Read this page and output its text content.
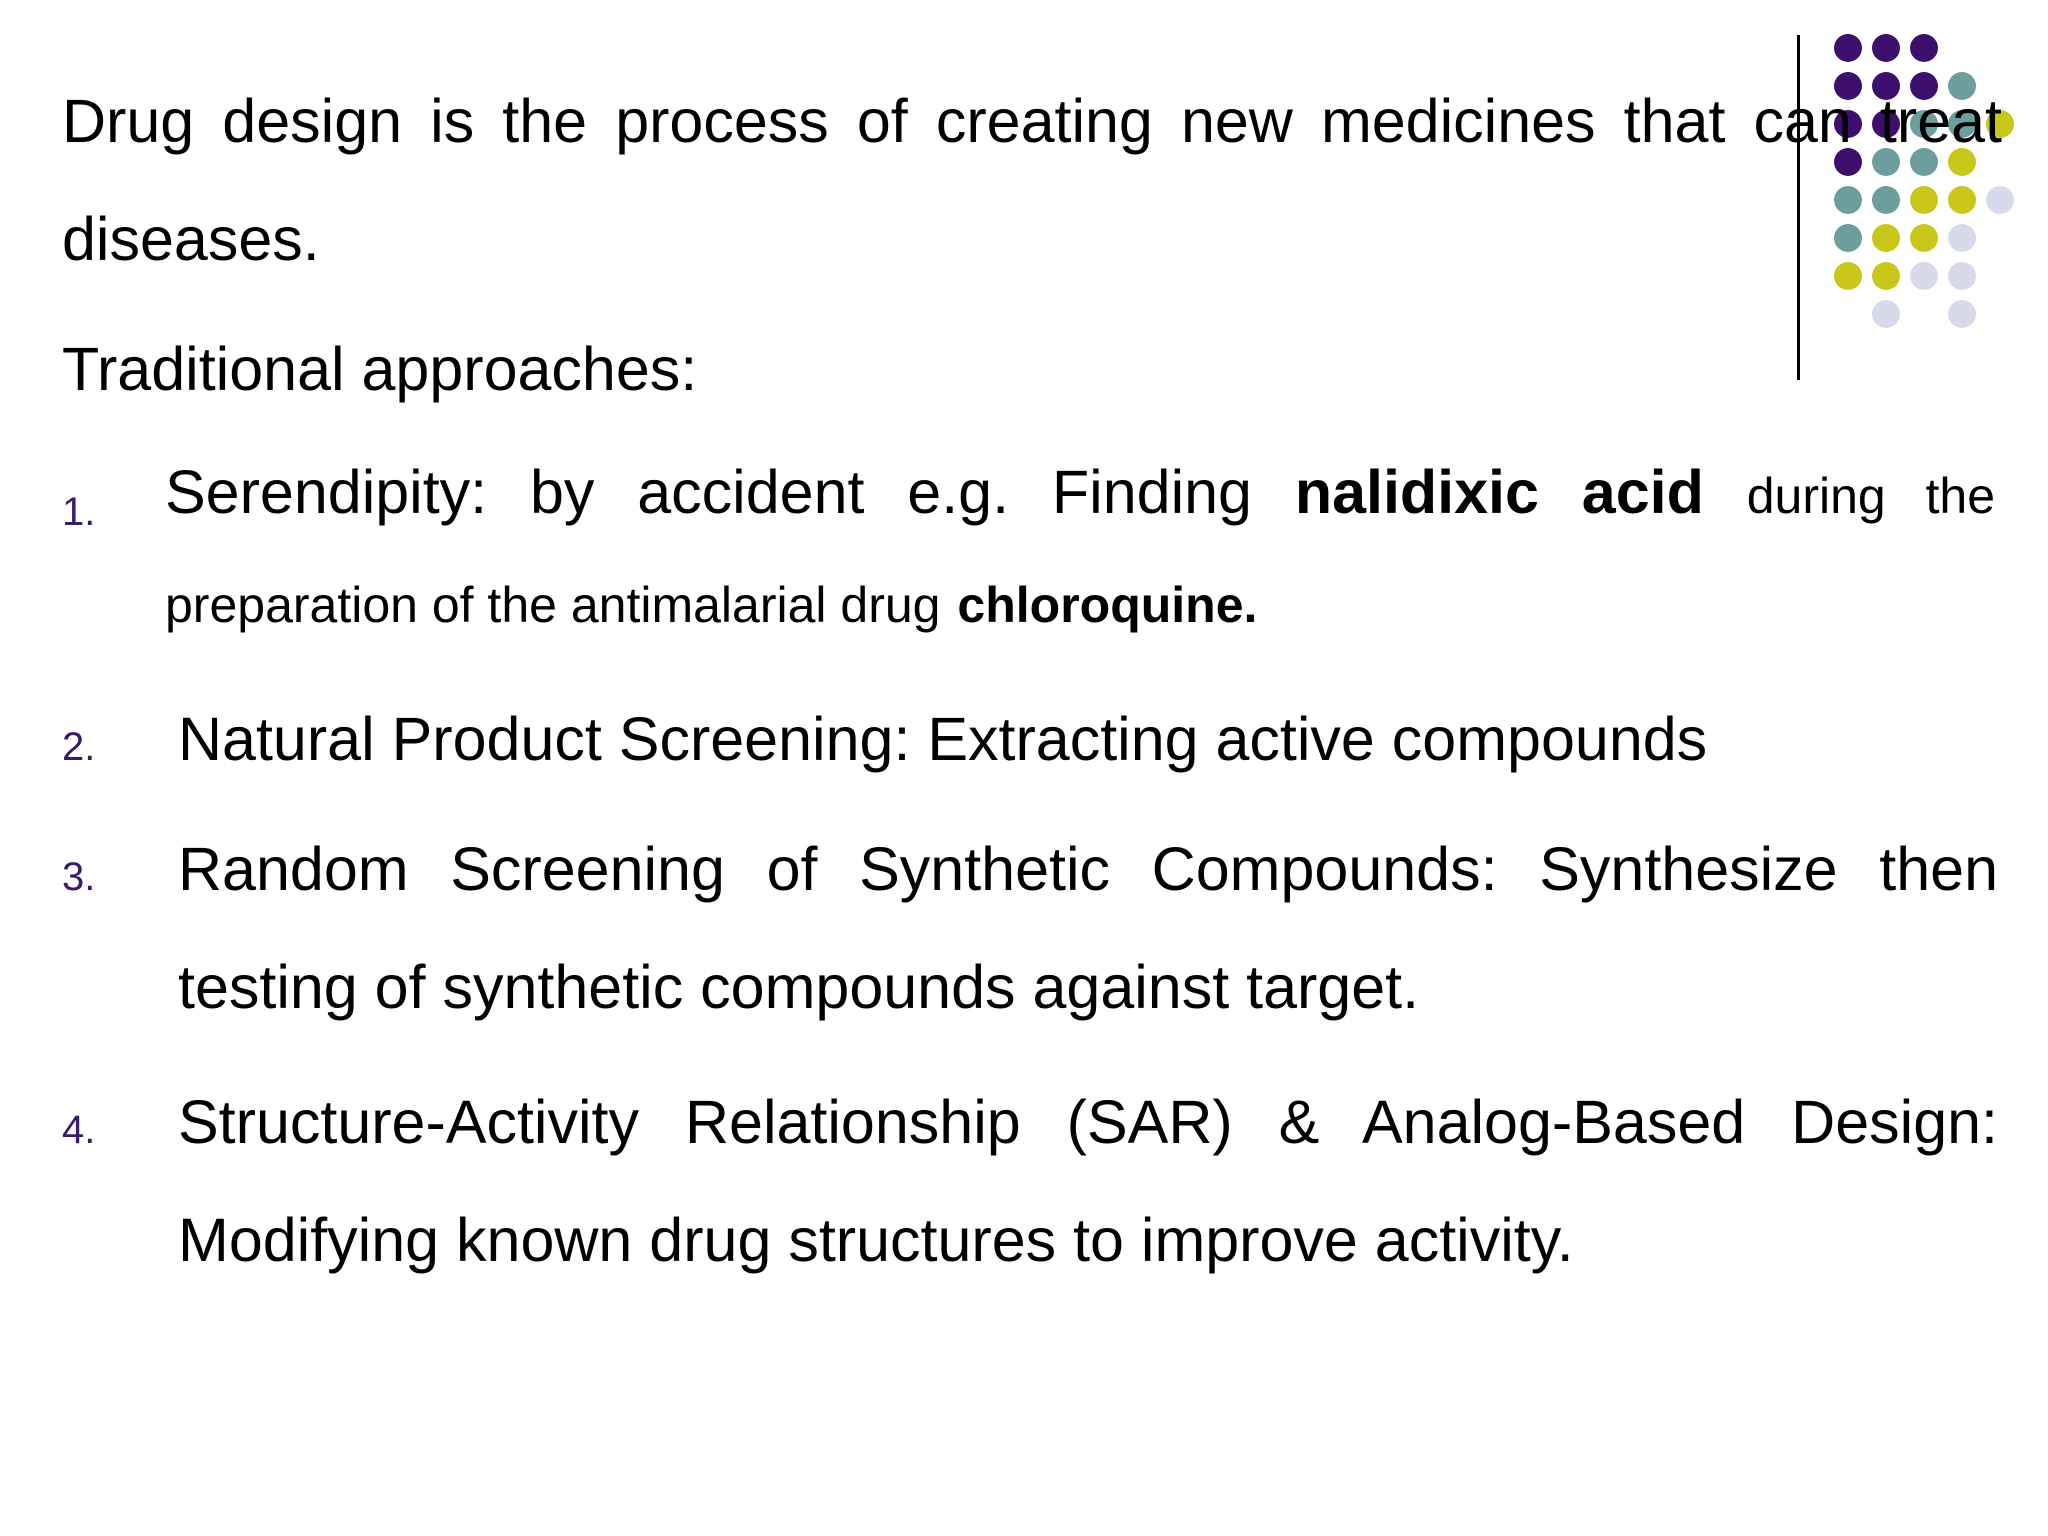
Drug design is the process of creating new medicines that can treat diseases.

Traditional approaches:

1. Serendipity: by accident e.g. Finding nalidixic acid during the preparation of the antimalarial drug chloroquine.

2. Natural Product Screening: Extracting active compounds

3. Random Screening of Synthetic Compounds: Synthesize then testing of synthetic compounds against target.

4. Structure-Activity Relationship (SAR) & Analog-Based Design: Modifying known drug structures to improve activity.
